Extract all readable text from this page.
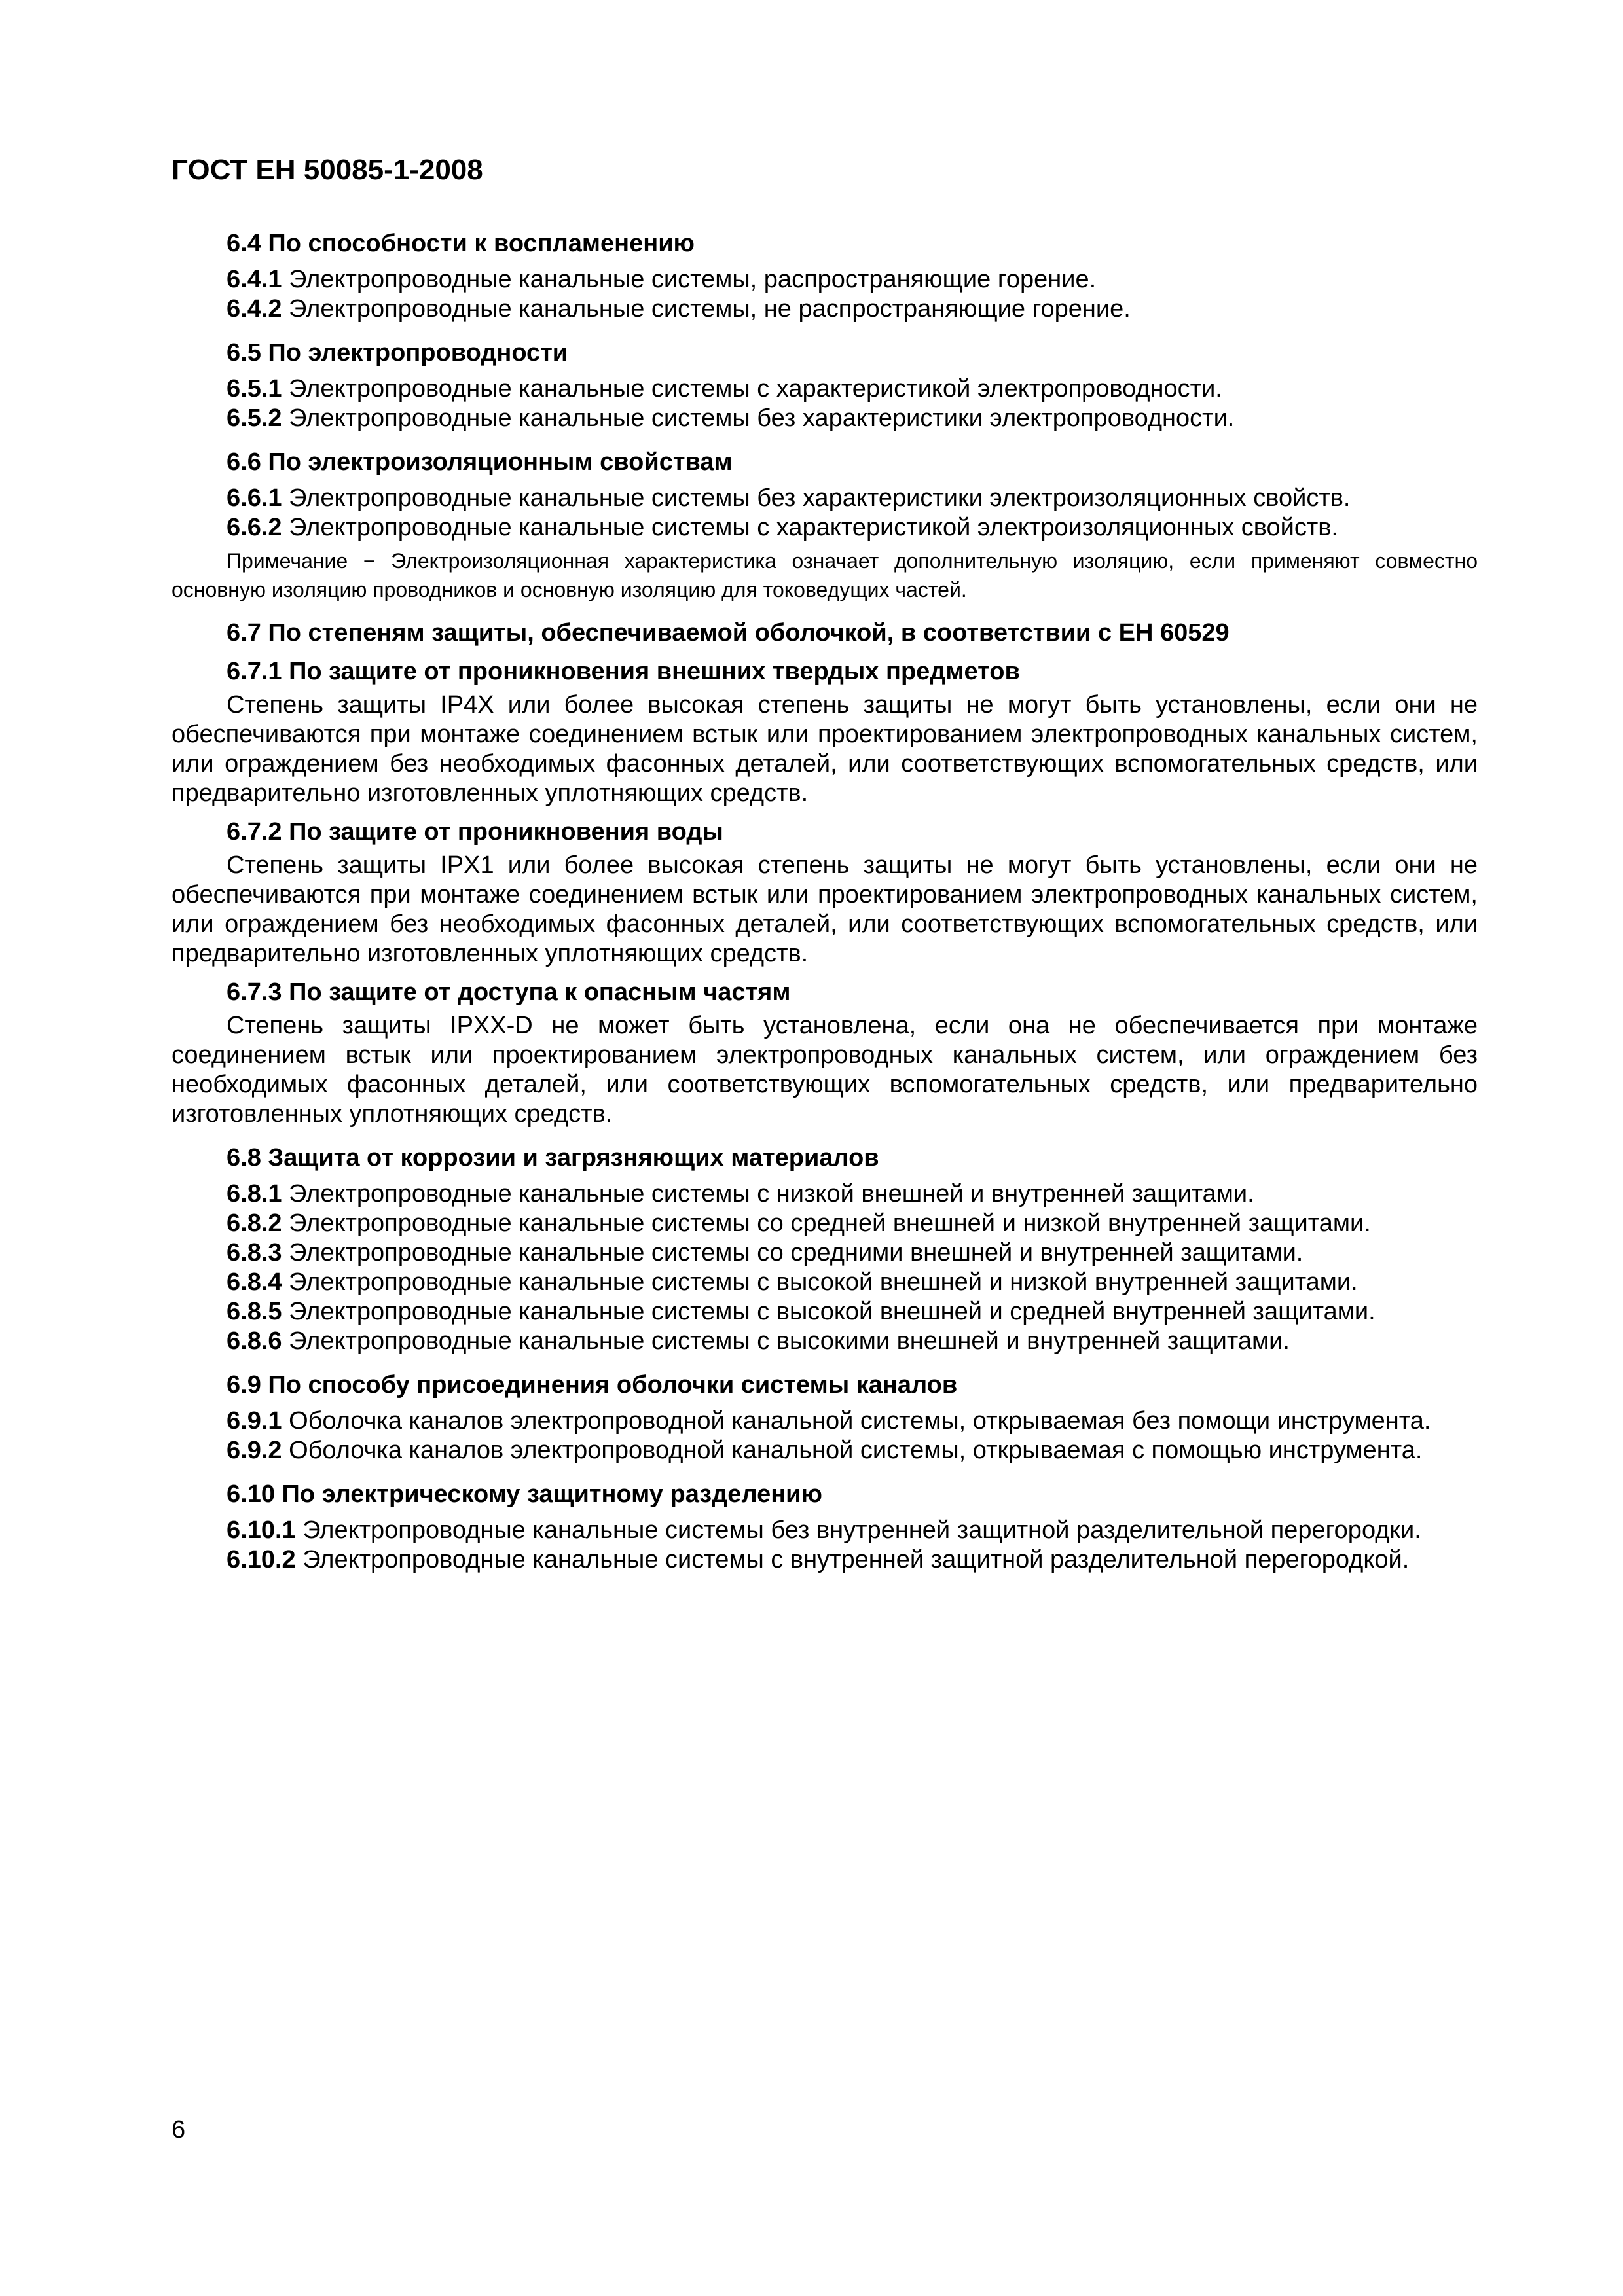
ГОСТ ЕН 50085-1-2008
6.4 По способности к воспламенению
6.4.1 Электропроводные канальные системы, распространяющие горение.
6.4.2 Электропроводные канальные системы, не распространяющие горение.
6.5 По электропроводности
6.5.1 Электропроводные канальные системы с характеристикой электропроводности.
6.5.2 Электропроводные канальные системы без характеристики электропроводности.
6.6 По электроизоляционным свойствам
6.6.1 Электропроводные канальные системы без характеристики электроизоляционных свойств.
6.6.2 Электропроводные канальные системы с характеристикой электроизоляционных свойств.
Примечание − Электроизоляционная характеристика означает дополнительную изоляцию, если применяют совместно основную изоляцию проводников и основную изоляцию для токоведущих частей.
6.7 По степеням защиты, обеспечиваемой оболочкой, в соответствии с ЕН 60529
6.7.1 По защите от проникновения внешних твердых предметов
Степень защиты IP4X или более высокая степень защиты не могут быть установлены, если они не обеспечиваются при монтаже соединением встык или проектированием электропроводных канальных систем, или ограждением без необходимых фасонных деталей, или соответствующих вспомогательных средств, или предварительно изготовленных уплотняющих средств.
6.7.2 По защите от проникновения воды
Степень защиты IPX1 или более высокая степень защиты не могут быть установлены, если они не обеспечиваются при монтаже соединением встык или проектированием электропроводных канальных систем, или ограждением без необходимых фасонных деталей, или соответствующих вспомогательных средств, или предварительно изготовленных уплотняющих средств.
6.7.3 По защите от доступа к опасным частям
Степень защиты IPXX-D не может быть установлена, если она не обеспечивается при монтаже соединением встык или проектированием электропроводных канальных систем, или ограждением без необходимых фасонных деталей, или соответствующих вспомогательных средств, или предварительно изготовленных уплотняющих средств.
6.8 Защита от коррозии и загрязняющих материалов
6.8.1 Электропроводные канальные системы с низкой внешней и внутренней защитами.
6.8.2 Электропроводные канальные системы со средней внешней и низкой внутренней защитами.
6.8.3 Электропроводные канальные системы со средними внешней и внутренней защитами.
6.8.4 Электропроводные канальные системы с высокой внешней и низкой внутренней защитами.
6.8.5 Электропроводные канальные системы с высокой внешней и средней внутренней защитами.
6.8.6 Электропроводные канальные системы с высокими внешней и внутренней защитами.
6.9 По способу присоединения оболочки системы каналов
6.9.1 Оболочка каналов электропроводной канальной системы, открываемая без помощи инструмента.
6.9.2 Оболочка каналов электропроводной канальной системы, открываемая с помощью инструмента.
6.10 По электрическому защитному разделению
6.10.1 Электропроводные канальные системы без внутренней защитной разделительной перегородки.
6.10.2 Электропроводные канальные системы с внутренней защитной разделительной перегородкой.
6
